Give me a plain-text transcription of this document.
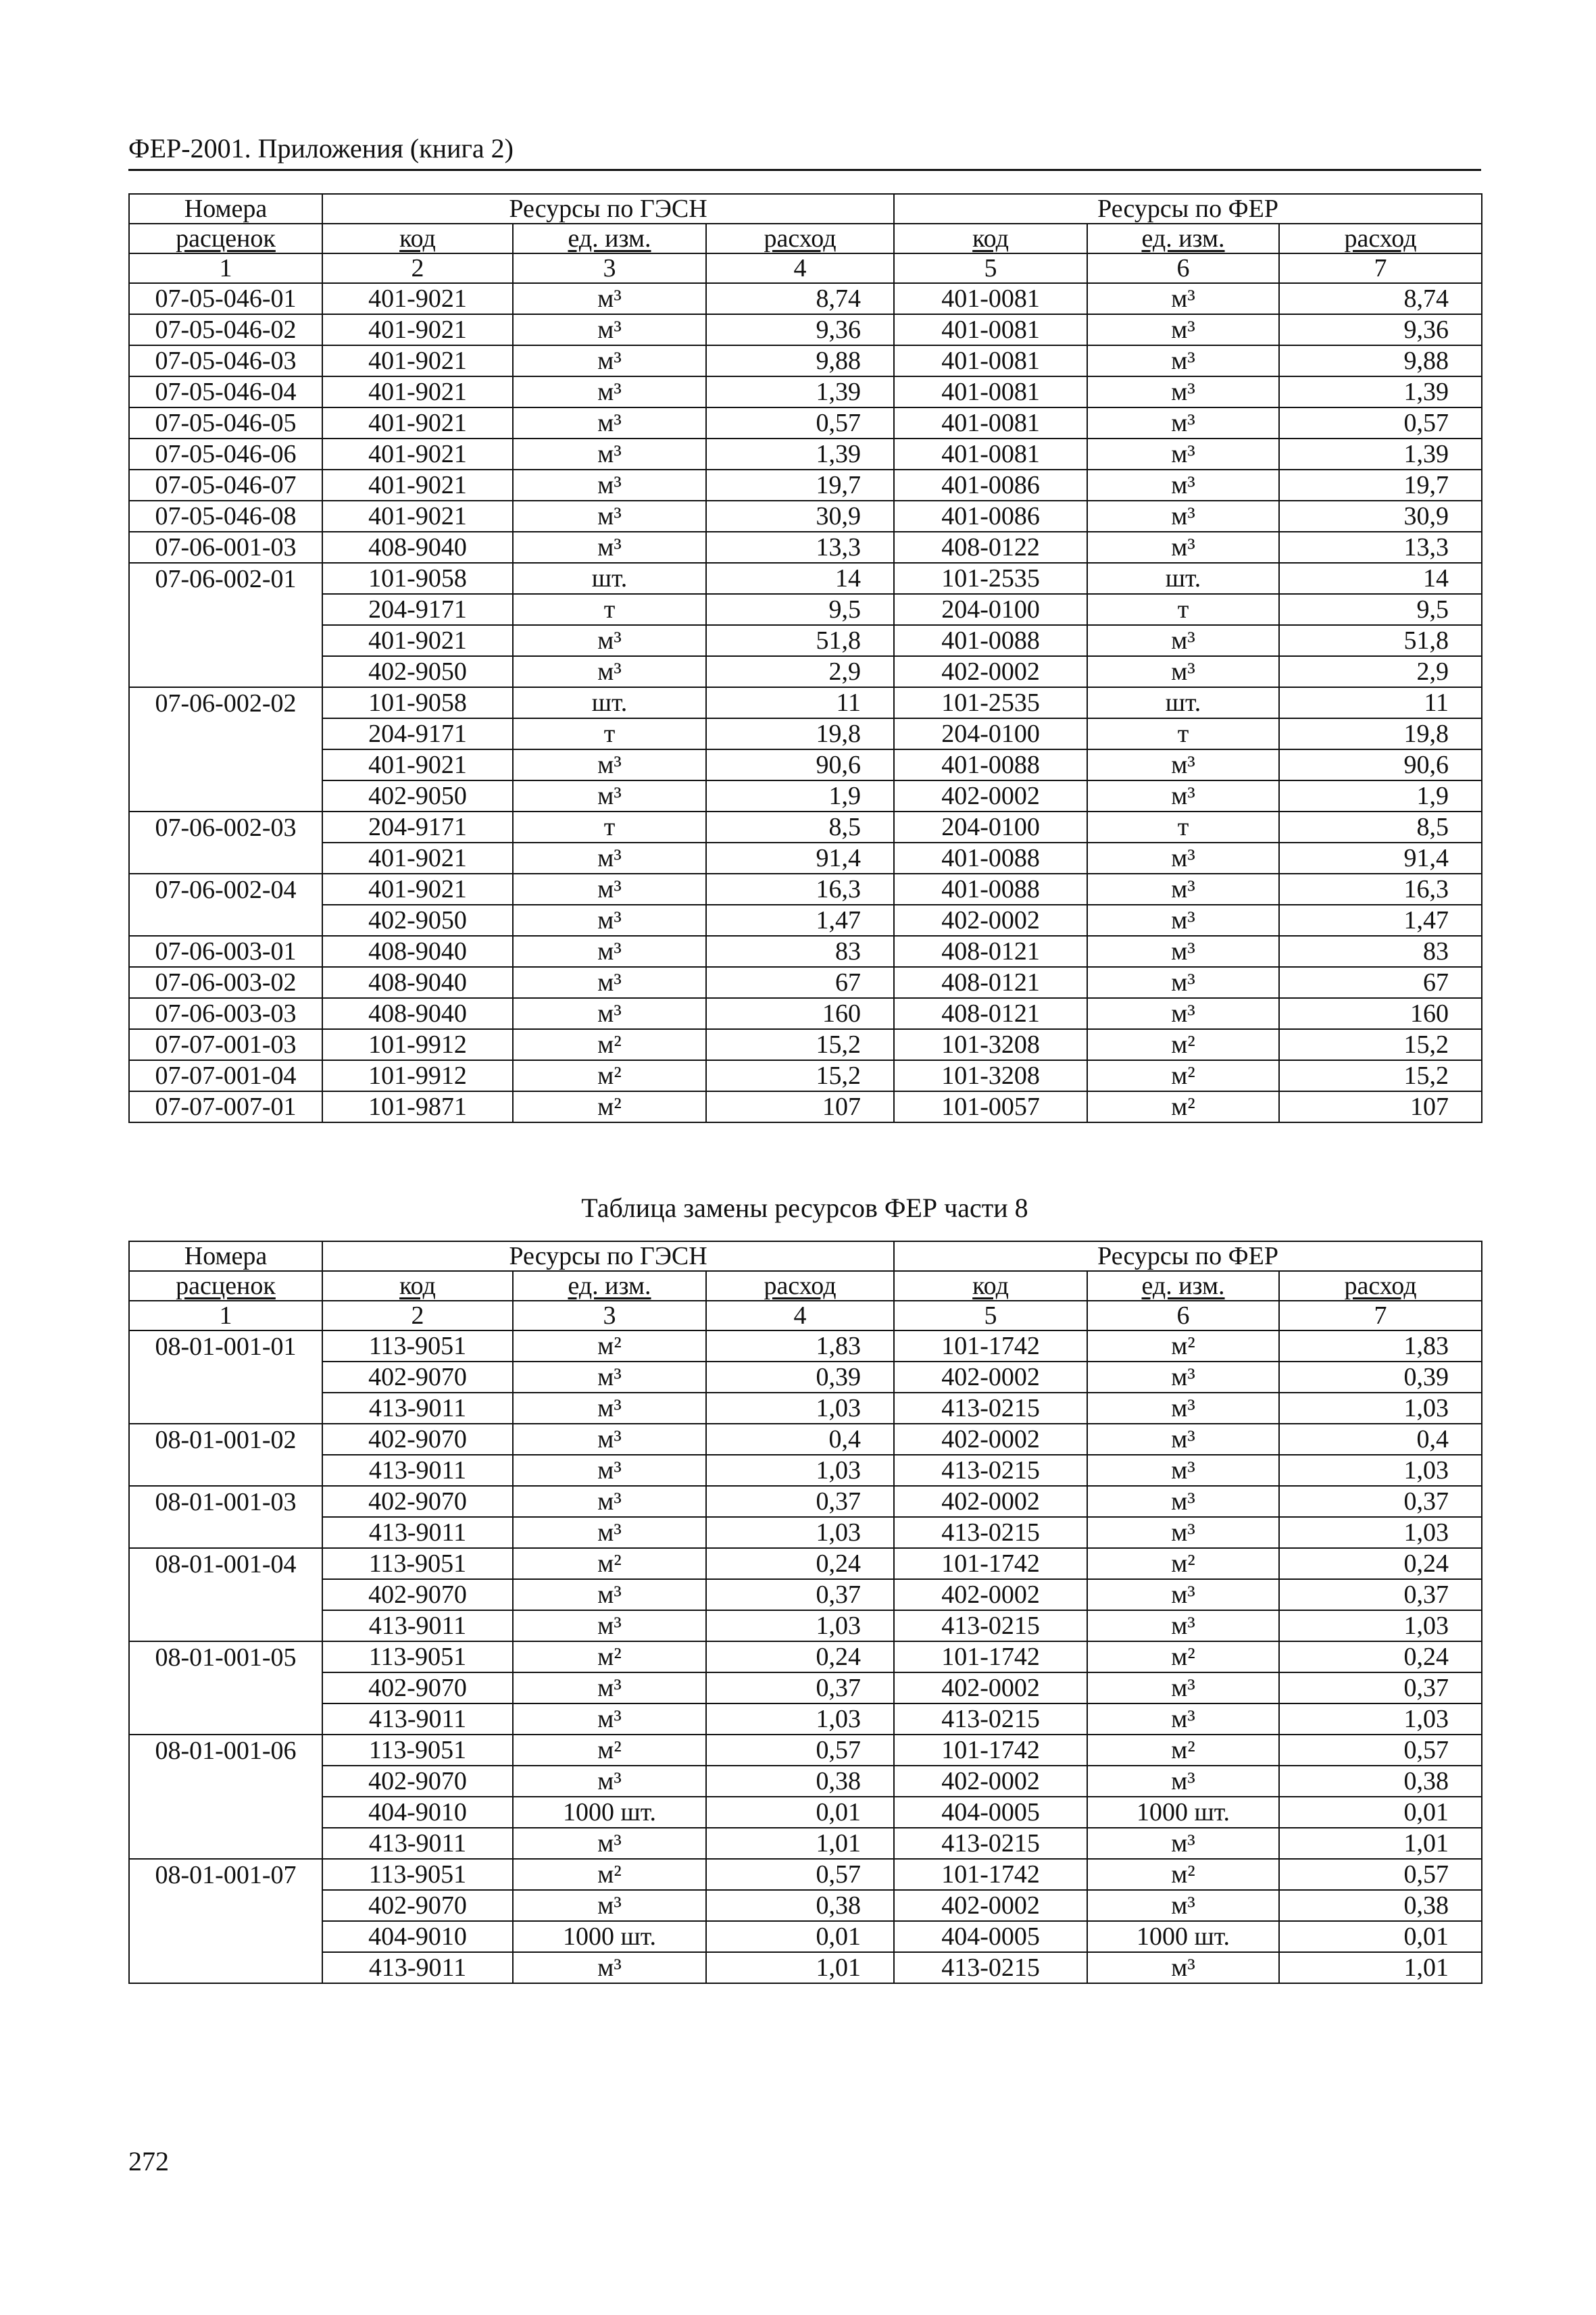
ФЕР-2001. Приложения (книга 2)
Номера	Ресурсы по ГЭСН			Ресурсы по ФЕР		
расценок	код	ед. изм.	расход	код	ед. изм.	расход
1	2	3	4	5	6	7
07-05-046-01	401-9021	м³	8,74	401-0081	м³	8,74
07-05-046-02	401-9021	м³	9,36	401-0081	м³	9,36
07-05-046-03	401-9021	м³	9,88	401-0081	м³	9,88
07-05-046-04	401-9021	м³	1,39	401-0081	м³	1,39
07-05-046-05	401-9021	м³	0,57	401-0081	м³	0,57
07-05-046-06	401-9021	м³	1,39	401-0081	м³	1,39
07-05-046-07	401-9021	м³	19,7	401-0086	м³	19,7
07-05-046-08	401-9021	м³	30,9	401-0086	м³	30,9
07-06-001-03	408-9040	м³	13,3	408-0122	м³	13,3
07-06-002-01	101-9058	шт.	14	101-2535	шт.	14
	204-9171	т	9,5	204-0100	т	9,5
	401-9021	м³	51,8	401-0088	м³	51,8
	402-9050	м³	2,9	402-0002	м³	2,9
07-06-002-02	101-9058	шт.	11	101-2535	шт.	11
	204-9171	т	19,8	204-0100	т	19,8
	401-9021	м³	90,6	401-0088	м³	90,6
	402-9050	м³	1,9	402-0002	м³	1,9
07-06-002-03	204-9171	т	8,5	204-0100	т	8,5
	401-9021	м³	91,4	401-0088	м³	91,4
07-06-002-04	401-9021	м³	16,3	401-0088	м³	16,3
	402-9050	м³	1,47	402-0002	м³	1,47
07-06-003-01	408-9040	м³	83	408-0121	м³	83
07-06-003-02	408-9040	м³	67	408-0121	м³	67
07-06-003-03	408-9040	м³	160	408-0121	м³	160
07-07-001-03	101-9912	м²	15,2	101-3208	м²	15,2
07-07-001-04	101-9912	м²	15,2	101-3208	м²	15,2
07-07-007-01	101-9871	м²	107	101-0057	м²	107
Таблица замены ресурсов ФЕР части 8
Номера	Ресурсы по ГЭСН			Ресурсы по ФЕР		
расценок	код	ед. изм.	расход	код	ед. изм.	расход
1	2	3	4	5	6	7
08-01-001-01	113-9051	м²	1,83	101-1742	м²	1,83
	402-9070	м³	0,39	402-0002	м³	0,39
	413-9011	м³	1,03	413-0215	м³	1,03
08-01-001-02	402-9070	м³	0,4	402-0002	м³	0,4
	413-9011	м³	1,03	413-0215	м³	1,03
08-01-001-03	402-9070	м³	0,37	402-0002	м³	0,37
	413-9011	м³	1,03	413-0215	м³	1,03
08-01-001-04	113-9051	м²	0,24	101-1742	м²	0,24
	402-9070	м³	0,37	402-0002	м³	0,37
	413-9011	м³	1,03	413-0215	м³	1,03
08-01-001-05	113-9051	м²	0,24	101-1742	м²	0,24
	402-9070	м³	0,37	402-0002	м³	0,37
	413-9011	м³	1,03	413-0215	м³	1,03
08-01-001-06	113-9051	м²	0,57	101-1742	м²	0,57
	402-9070	м³	0,38	402-0002	м³	0,38
	404-9010	1000 шт.	0,01	404-0005	1000 шт.	0,01
	413-9011	м³	1,01	413-0215	м³	1,01
08-01-001-07	113-9051	м²	0,57	101-1742	м²	0,57
	402-9070	м³	0,38	402-0002	м³	0,38
	404-9010	1000 шт.	0,01	404-0005	1000 шт.	0,01
	413-9011	м³	1,01	413-0215	м³	1,01
272
